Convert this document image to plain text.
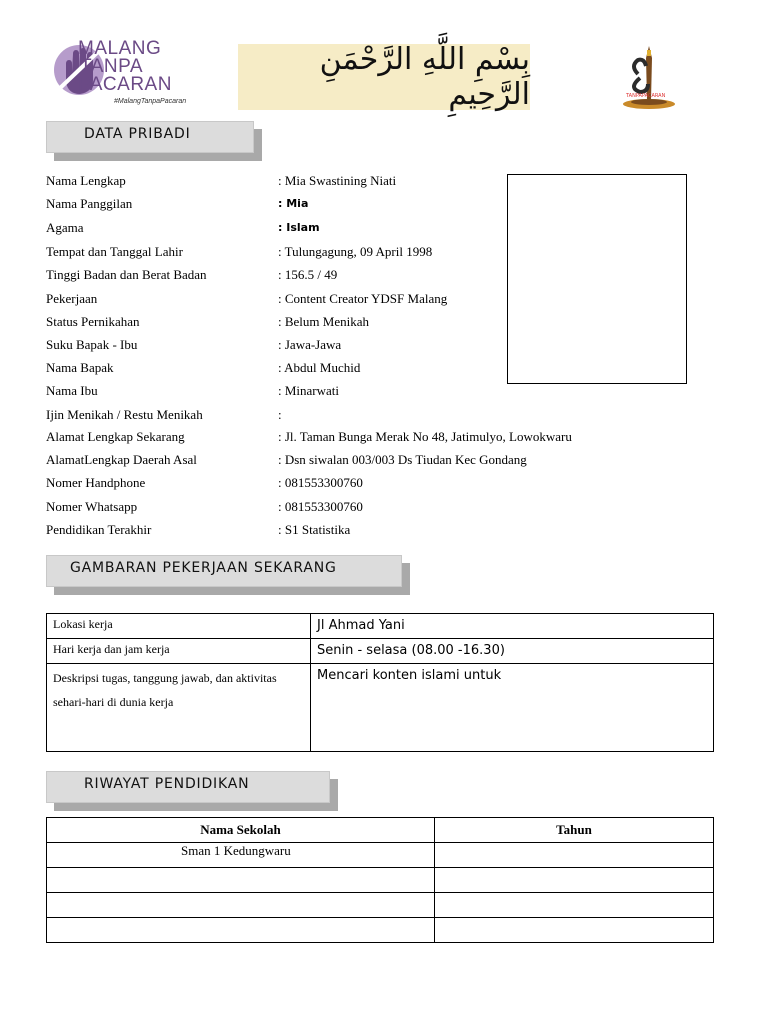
MALANG
TANPA
PACARAN
#MalangTanpaPacaran
بِسْمِ اللَّهِ الرَّحْمَنِ الرَّحِيمِ	TANPAPACARAN
DATA PRIBADI
Nama Lengkap	: Mia Swastining Niati
Nama Panggilan	: Mia
Agama	: Islam
Tempat dan Tanggal Lahir	: Tulungagung, 09 April 1998
Tinggi Badan dan Berat Badan	: 156.5 / 49
Pekerjaan	: Content Creator YDSF Malang
Status Pernikahan	: Belum Menikah
Suku Bapak - Ibu	: Jawa-Jawa
Nama Bapak	: Abdul Muchid
Nama Ibu	: Minarwati
Ijin Menikah / Restu Menikah	:
Alamat Lengkap Sekarang	: Jl. Taman Bunga Merak No 48, Jatimulyo, Lowokwaru
AlamatLengkap Daerah Asal	: Dsn siwalan 003/003 Ds Tiudan Kec Gondang
Nomer Handphone	: 081553300760
Nomer Whatsapp	: 081553300760
Pendidikan Terakhir	: S1 Statistika
GAMBARAN PEKERJAAN SEKARANG
Lokasi kerja	Jl Ahmad Yani
Hari kerja dan jam kerja	Senin - selasa (08.00 -16.30)
Deskripsi tugas, tanggung jawab, dan aktivitas sehari-hari di dunia kerja	Mencari konten islami untuk
RIWAYAT PENDIDIKAN
Nama Sekolah	Tahun
Sman 1 Kedungwaru	
